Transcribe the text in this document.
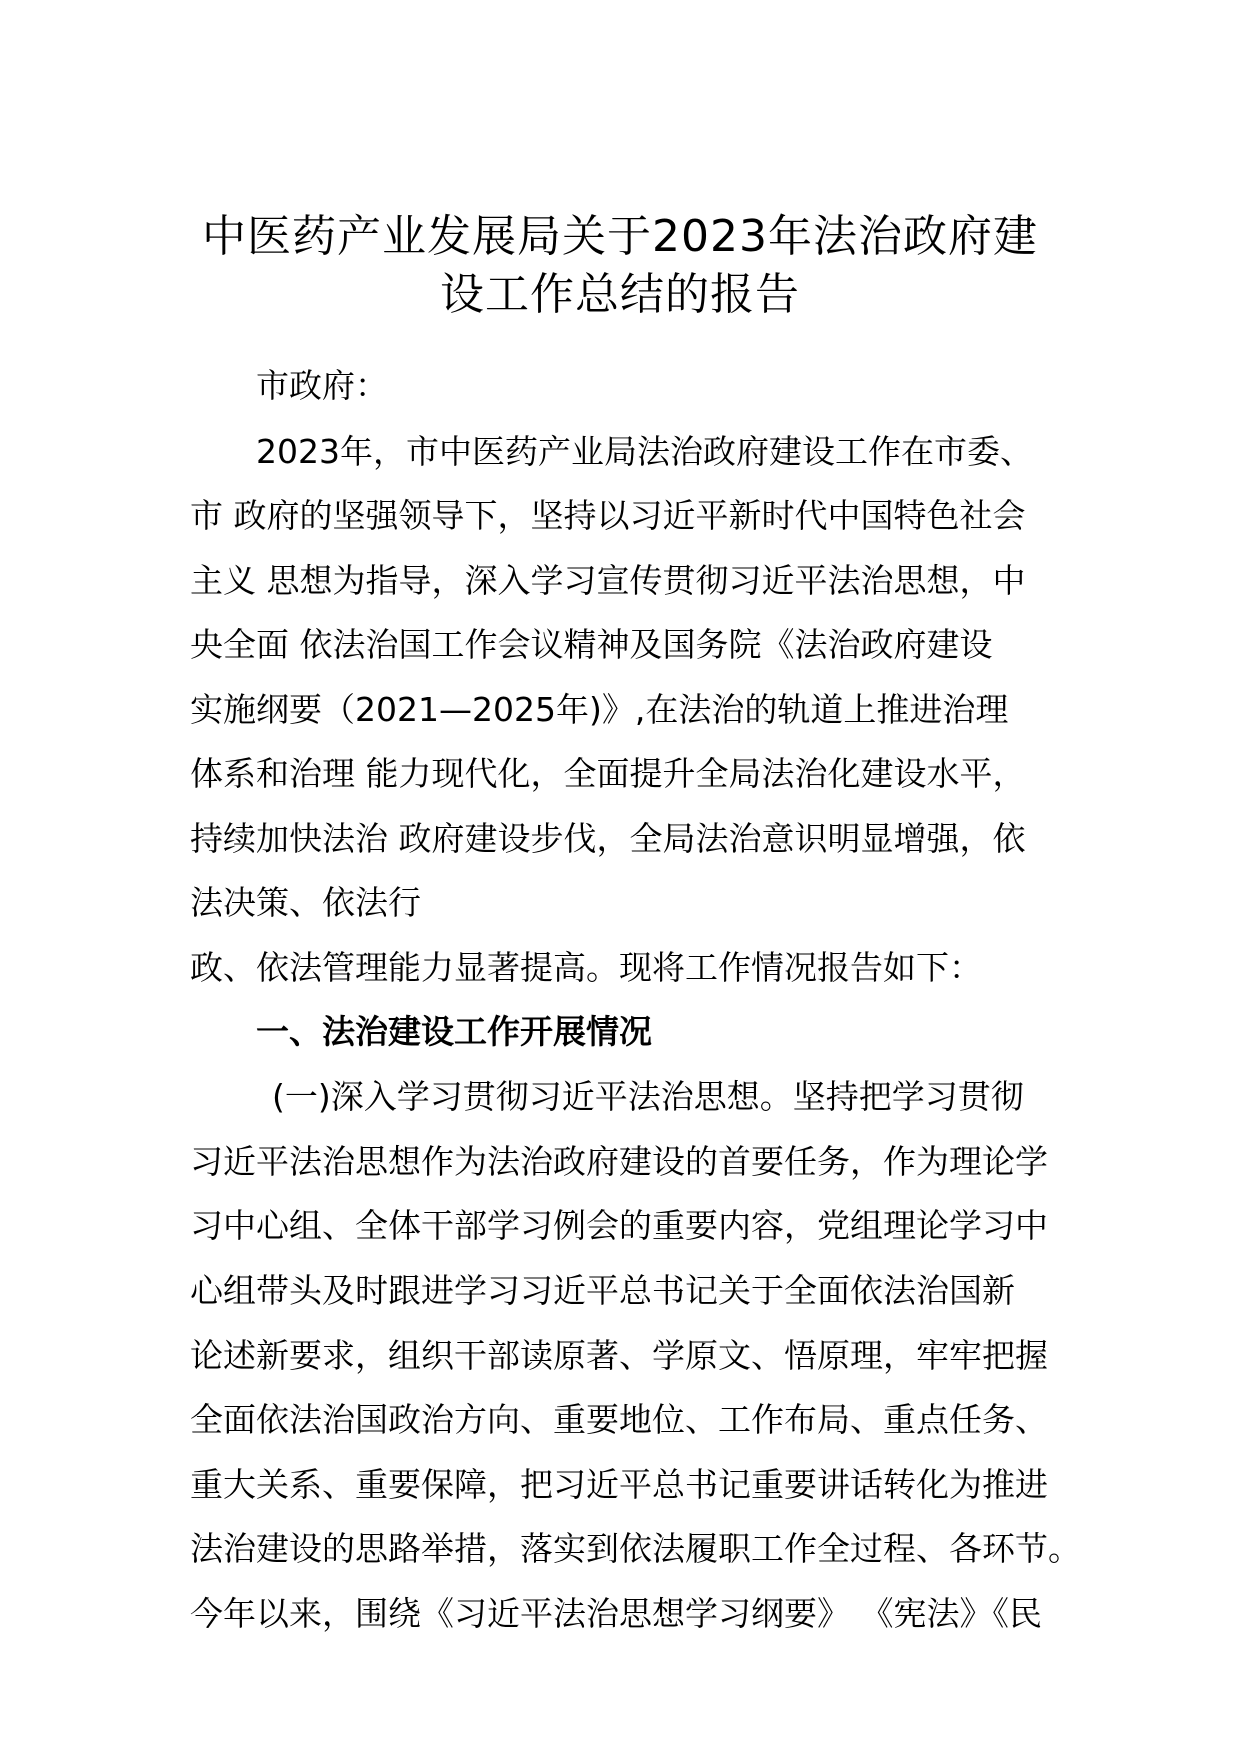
中医药产业发展局关于2023年法治政府建
设工作总结的报告
市政府：
2023年，市中医药产业局法治政府建设工作在市委、
市 政府的坚强领导下，坚持以习近平新时代中国特色社会
主义 思想为指导，深入学习宣传贯彻习近平法治思想，中
央全面 依法治国工作会议精神及国务院《法治政府建设
实施纲要（2021—2025年)》,在法治的轨道上推进治理
体系和治理 能力现代化，全面提升全局法治化建设水平，
持续加快法治 政府建设步伐，全局法治意识明显增强，依
法决策、依法行
政、依法管理能力显著提高。现将工作情况报告如下：
一、法治建设工作开展情况
(一)深入学习贯彻习近平法治思想。坚持把学习贯彻
习近平法治思想作为法治政府建设的首要任务，作为理论学
习中心组、全体干部学习例会的重要内容，党组理论学习中
心组带头及时跟进学习习近平总书记关于全面依法治国新
论述新要求，组织干部读原著、学原文、悟原理，牢牢把握
全面依法治国政治方向、重要地位、工作布局、重点任务、
重大关系、重要保障，把习近平总书记重要讲话转化为推进
法治建设的思路举措，落实到依法履职工作全过程、各环节。
今年以来，围绕《习近平法治思想学习纲要》 《宪法》《民
